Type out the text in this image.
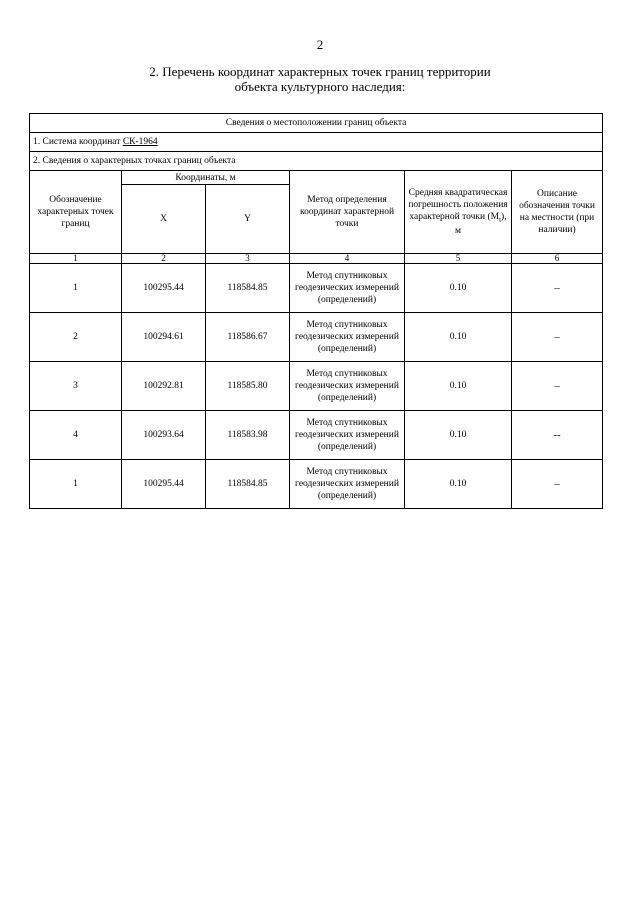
2
2. Перечень координат характерных точек границ территории
объекта культурного наследия:
Сведения о местоположении границ объекта					
1. Система координат СК-1964					
2. Сведения о характерных точках границ объекта					
Обозначение характерных точек границ	Координаты, м		Метод определения координат характерной точки	Средняя квадратическая погрешность положения характерной точки $(M_t)$, м	Описание обозначения точки на местности (при наличии)
	X	Y			
1	2	3	4	5	6
1	100295.44	118584.85	Метод спутниковых геодезических измерений (определений)	0.10	–
2	100294.61	118586.67	Метод спутниковых геодезических измерений (определений)	0.10	–
3	100292.81	118585.80	Метод спутниковых геодезических измерений (определений)	0.10	–
4	100293.64	118583.98	Метод спутниковых геодезических измерений (определений)	0.10	--
1	100295.44	118584.85	Метод спутниковых геодезических измерений (определений)	0.10	–
